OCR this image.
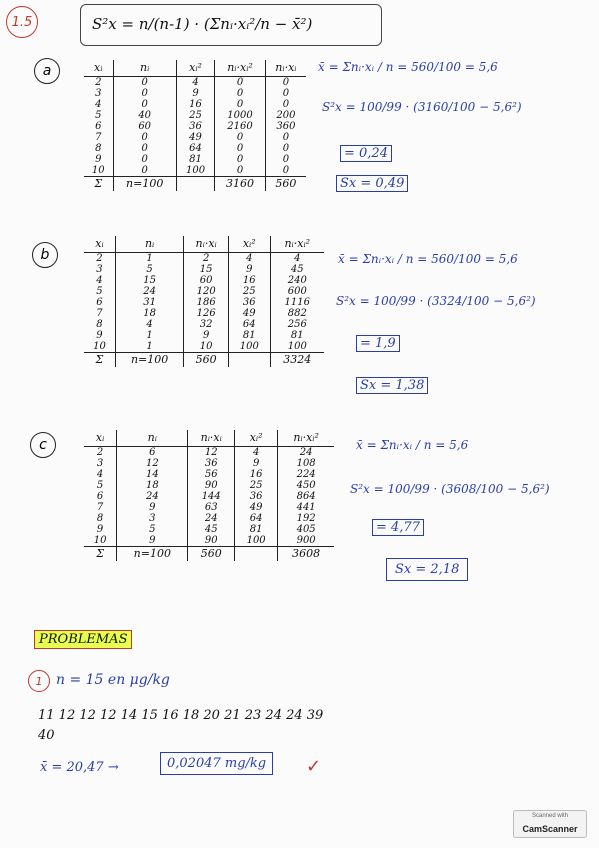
1.5	S²x = n/(n-1) · (Σnᵢ·xᵢ²/n − x̄²)
a	xᵢ	nᵢ	xᵢ²	nᵢ·xᵢ²	nᵢ·xᵢ
2	0	4	0	0
3	0	9	0	0
4	0	16	0	0
5	40	25	1000	200
6	60	36	2160	360
7	0	49	0	0
8	0	64	0	0
9	0	81	0	0
10	0	100	0	0
Σ	n=100		3160	560
x̄ = Σnᵢ·xᵢ / n = 560/100 = 5,6
S²x = 100/99 · (3160/100 − 5,6²)
= 0,24
Sx = 0,49
b
xᵢ	nᵢ	nᵢ·xᵢ	xᵢ²	nᵢ·xᵢ²
2	1	2	4	4
3	5	15	9	45
4	15	60	16	240
5	24	120	25	600
6	31	186	36	1116
7	18	126	49	882
8	4	32	64	256
9	1	9	81	81
10	1	10	100	100
Σ	n=100	560		3324
x̄ = Σnᵢ·xᵢ / n = 560/100 = 5,6
S²x = 100/99 · (3324/100 − 5,6²)
= 1,9
Sx = 1,38
c	xᵢ	nᵢ	nᵢ·xᵢ	xᵢ²	nᵢ·xᵢ²
2	6	12	4	24
3	12	36	9	108
4	14	56	16	224
5	18	90	25	450
6	24	144	36	864
7	9	63	49	441
8	3	24	64	192
9	5	45	81	405
10	9	90	100	900
Σ	n=100	560		3608
x̄ = Σnᵢ·xᵢ / n = 5,6
S²x = 100/99 · (3608/100 − 5,6²)
= 4,77
Sx = 2,18
PROBLEMAS
1 n = 15 en μg/kg
11 12 12 12 14 15 16 18 20 21 23 24 24 39
40
x̄ = 20,47 →	0,02047 mg/kg	✓
Scanned with
CamScanner
